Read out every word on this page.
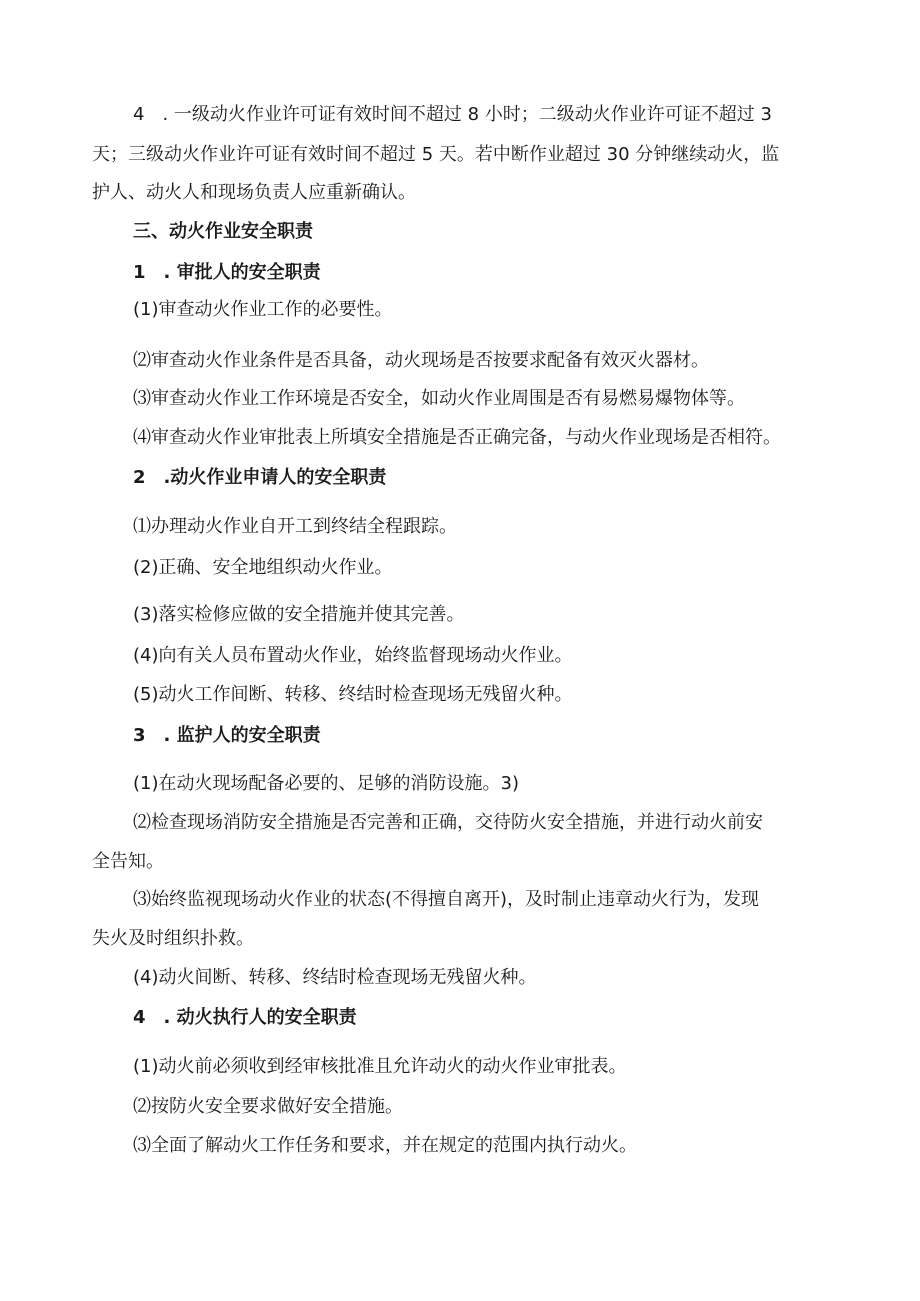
4　. 一级动火作业许可证有效时间不超过 8 小时；二级动火作业许可证不超过 3
天；三级动火作业许可证有效时间不超过 5 天。若中断作业超过 30 分钟继续动火，监
护人、动火人和现场负责人应重新确认。
三、动火作业安全职责
1　. 审批人的安全职责
(1)审查动火作业工作的必要性。
⑵审查动火作业条件是否具备，动火现场是否按要求配备有效灭火器材。
⑶审查动火作业工作环境是否安全，如动火作业周围是否有易燃易爆物体等。
⑷审查动火作业审批表上所填安全措施是否正确完备，与动火作业现场是否相符。
2　.动火作业申请人的安全职责
⑴办理动火作业自开工到终结全程跟踪。
(2)正确、安全地组织动火作业。
(3)落实检修应做的安全措施并使其完善。
(4)向有关人员布置动火作业，始终监督现场动火作业。
(5)动火工作间断、转移、终结时检查现场无残留火种。
3　. 监护人的安全职责
(1)在动火现场配备必要的、足够的消防设施。3)
⑵检查现场消防安全措施是否完善和正确，交待防火安全措施，并进行动火前安
全告知。
⑶始终监视现场动火作业的状态(不得擅自离开)，及时制止违章动火行为，发现
失火及时组织扑救。
(4)动火间断、转移、终结时检查现场无残留火种。
4　. 动火执行人的安全职责
(1)动火前必须收到经审核批准且允许动火的动火作业审批表。
⑵按防火安全要求做好安全措施。
⑶全面了解动火工作任务和要求，并在规定的范围内执行动火。
